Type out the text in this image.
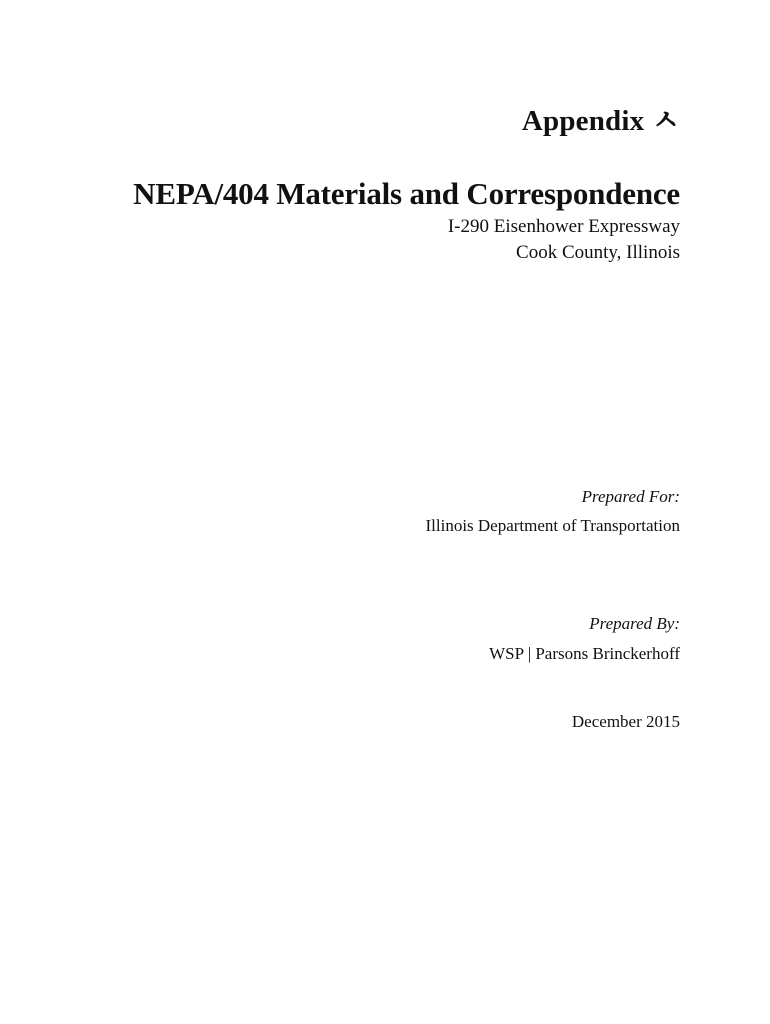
Appendix ㅅ
NEPA/404 Materials and Correspondence
I-290 Eisenhower Expressway
Cook County, Illinois
Prepared For:
Illinois Department of Transportation
Prepared By:
WSP | Parsons Brinckerhoff
December 2015
